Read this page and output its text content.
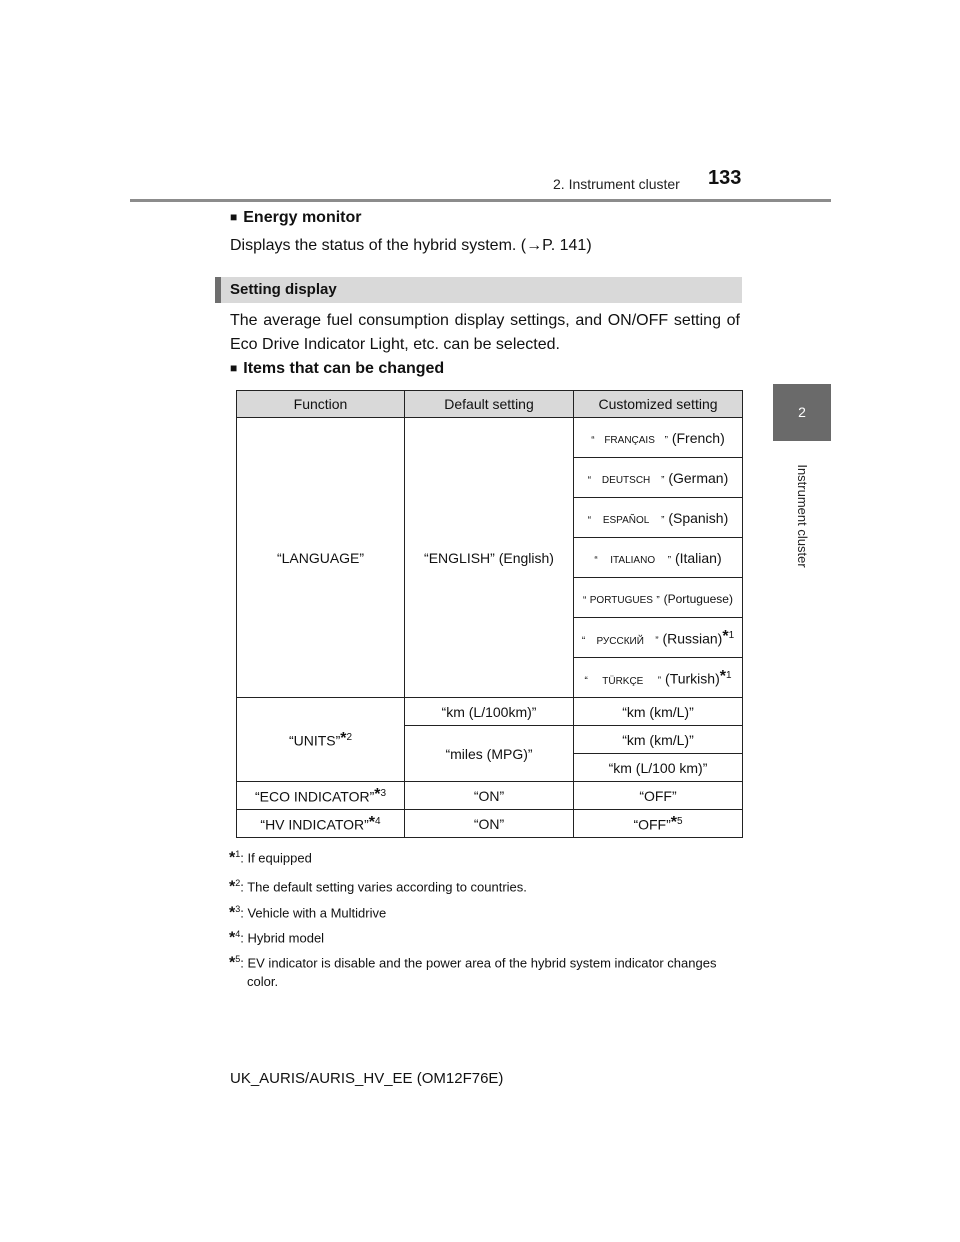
2. Instrument cluster 133
2
Instrument cluster
■ Energy monitor
Displays the status of the hybrid system. (→P. 141)
Setting display
The average fuel consumption display settings, and ON/OFF setting of Eco Drive Indicator Light, etc. can be selected.
■ Items that can be changed
Function	Default setting	Customized setting
“LANGUAGE”	“ENGLISH” (English)	“ FRANÇAIS ” (French)
		“ DEUTSCH ” (German)
		“ ESPAÑOL ” (Spanish)
		“ ITALIANO ” (Italian)
		“ PORTUGUES ” (Portuguese)
		“ РУССКИЙ ” (Russian)$^{*1}$
		“ TÜRKÇE ” (Turkish)$^{*1}$
“UNITS”$^{*2}$	“km (L/100km)”	“km (km/L)”
	“miles (MPG)”	“km (km/L)”
		“km (L/100 km)”
“ECO INDICATOR”$^{*3}$	“ON”	“OFF”
“HV INDICATOR”$^{*4}$	“ON”	“OFF”$^{*5}$
*$^1$: If equipped
*$^2$: The default setting varies according to countries.
*$^3$: Vehicle with a Multidrive
*$^4$: Hybrid model
*$^5$: EV indicator is disable and the power area of the hybrid system indicator changes color.
UK_AURIS/AURIS_HV_EE (OM12F76E)
